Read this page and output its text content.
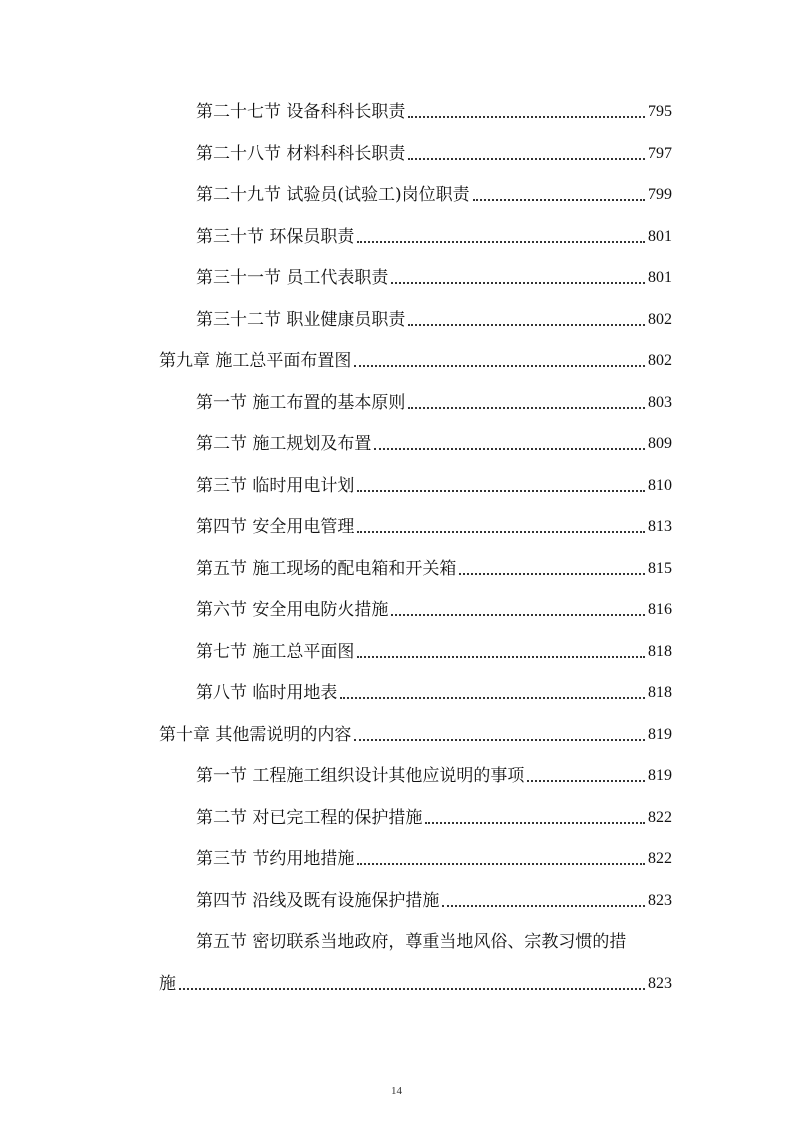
第二十七节 设备科科长职责	795
第二十八节 材料科科长职责	797
第二十九节 试验员(试验工)岗位职责	799
第三十节 环保员职责	801
第三十一节 员工代表职责	801
第三十二节 职业健康员职责	802
第九章 施工总平面布置图	802
第一节 施工布置的基本原则	803
第二节 施工规划及布置	809
第三节 临时用电计划	810
第四节 安全用电管理	813
第五节 施工现场的配电箱和开关箱	815
第六节 安全用电防火措施	816
第七节 施工总平面图	818
第八节 临时用地表	818
第十章 其他需说明的内容	819
第一节 工程施工组织设计其他应说明的事项	819
第二节 对已完工程的保护措施	822
第三节 节约用地措施	822
第四节 沿线及既有设施保护措施	823
第五节 密切联系当地政府，尊重当地风俗、宗教习惯的措
施	823
14
